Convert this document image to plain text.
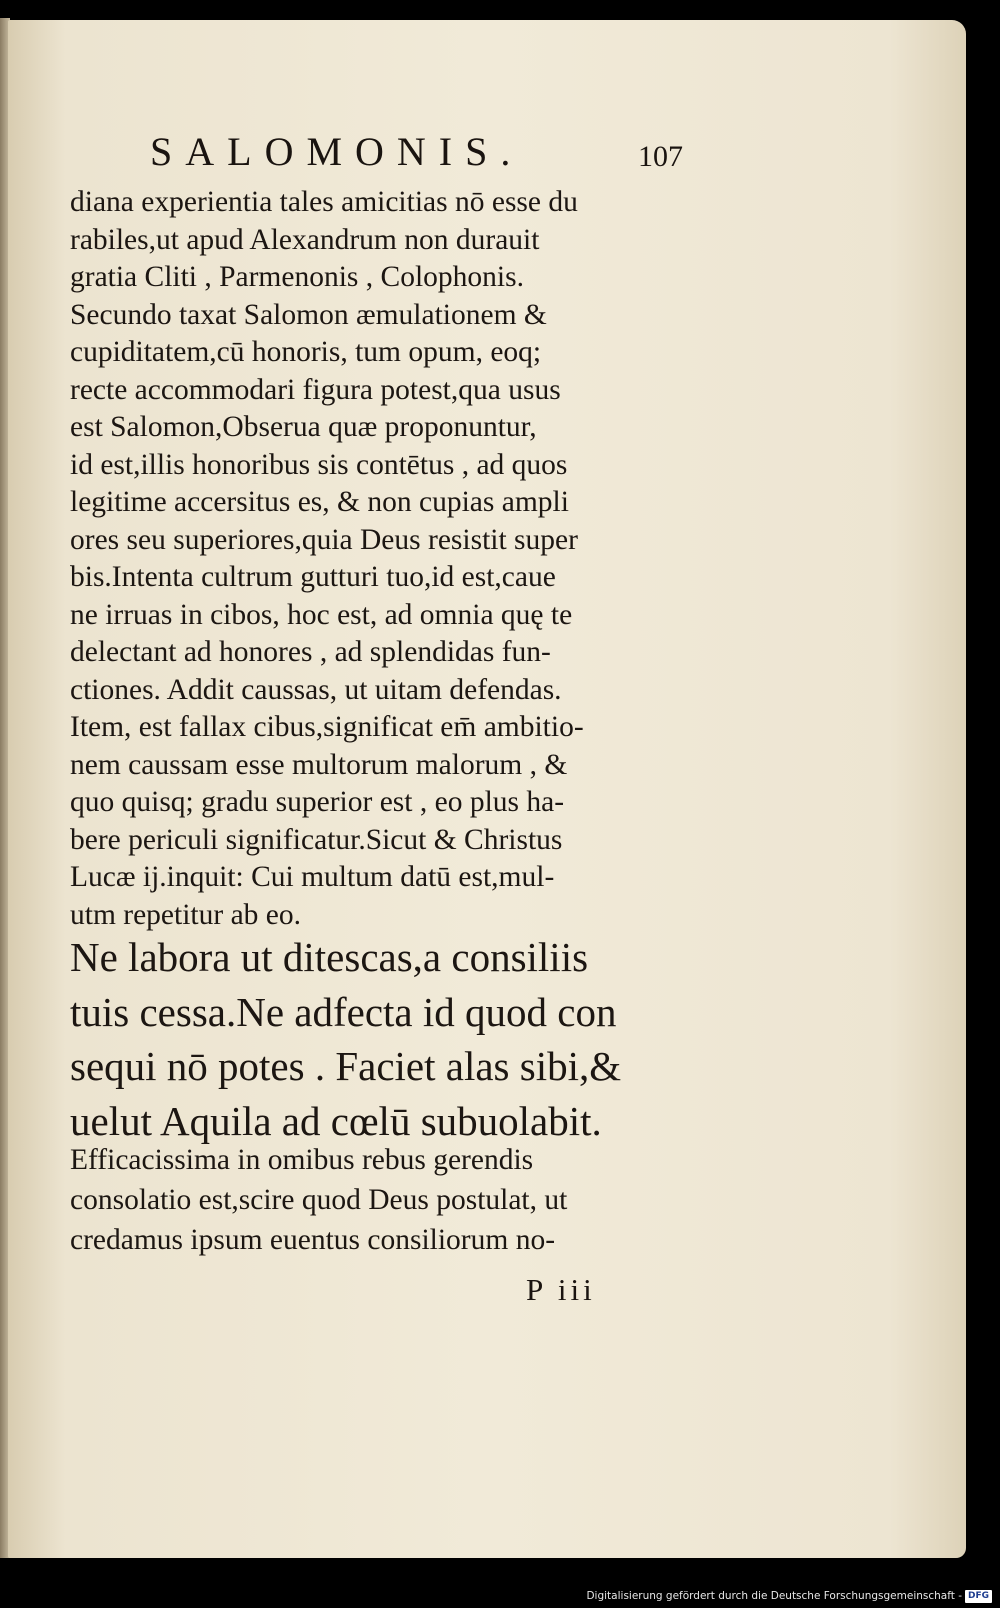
SALOMONIS.	107
diana experientia tales amicitias nō esse du
rabiles,ut apud Alexandrum non durauit
gratia Cliti , Parmenonis , Colophonis.
Secundo taxat Salomon æmulationem &
cupiditatem,cū honoris, tum opum, eoq;
recte accommodari figura potest,qua usus
est Salomon,Obserua quæ proponuntur,
id est,illis honoribus sis contētus , ad quos
legitime accersitus es, & non cupias ampli
ores seu superiores,quia Deus resistit super
bis.Intenta cultrum gutturi tuo,id est,caue
ne irruas in cibos, hoc est, ad omnia quę te
delectant ad honores , ad splendidas fun-
ctiones. Addit caussas, ut uitam defendas.
Item, est fallax cibus,significat em̄ ambitio-
nem caussam esse multorum malorum , &
quo quisq; gradu superior est , eo plus ha-
bere periculi significatur.Sicut & Christus
Lucæ ij.inquit: Cui multum datū est,mul-
utm repetitur ab eo.
Ne labora ut ditescas,a consiliis
tuis cessa.Ne adfecta id quod con
sequi nō potes . Faciet alas sibi,&
uelut Aquila ad cœlū subuolabit.
Efficacissima in omibus rebus gerendis
consolatio est,scire quod Deus postulat, ut
credamus ipsum euentus consiliorum no-
P iii
Digitalisierung gefördert durch die Deutsche Forschungsgemeinschaft - DFG
